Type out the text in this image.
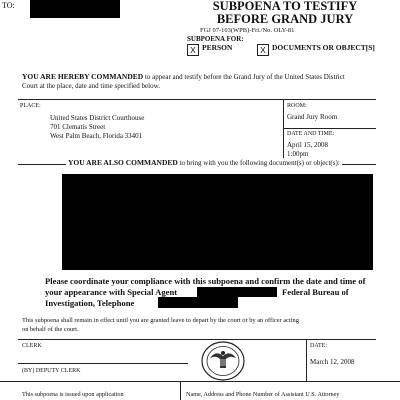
TO:	SUBPOENA TO TESTIFY
BEFORE GRAND JURY
FGJ 07-103(WPB)-Fri./No. OLY-81
SUBPOENA FOR:
X PERSON	X DOCUMENTS OR OBJECT[S]
YOU ARE HEREBY COMMANDED to appear and testify before the Grand Jury of the United States District
Court at the place, date and time specified below.
PLACE:
United States District Courthouse
701 Clematis Street
West Palm Beach, Florida 33401
ROOM:
Grand Jury Room
DATE AND TIME:
April 15, 2008
1:00pm
YOU ARE ALSO COMMANDED to bring with you the following document(s) or object(s):
Please coordinate your compliance with this subpoena and confirm the date and time of
your appearance with Special Agent	Federal Bureau of
Investigation, Telephone
This subpoena shall remain in effect until you are granted leave to depart by the court or by an officer acting
on behalf of the court.
CLERK	DATE:
March 12, 2008
(BY) DEPUTY CLERK
This subpoena is issued upon application	Name, Address and Phone Number of Assistant U.S. Attorney
